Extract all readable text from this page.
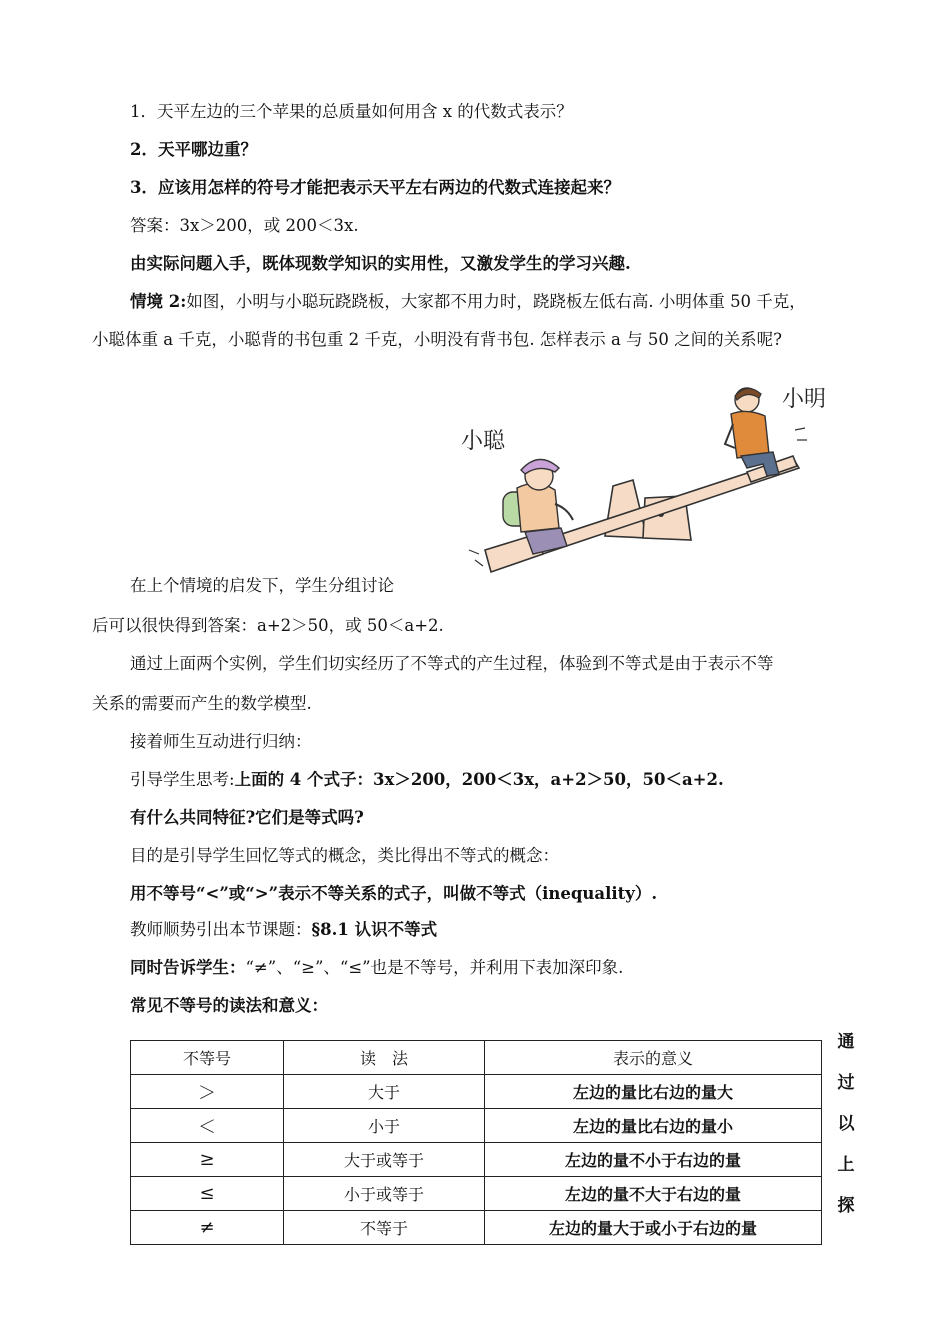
1．天平左边的三个苹果的总质量如何用含 x 的代数式表示？
2．天平哪边重？
3．应该用怎样的符号才能把表示天平左右两边的代数式连接起来？
答案：3x＞200，或 200＜3x.
由实际问题入手，既体现数学知识的实用性，又激发学生的学习兴趣.
情境 2:如图，小明与小聪玩跷跷板，大家都不用力时，跷跷板左低右高. 小明体重 50 千克，
小聪体重 a 千克，小聪背的书包重 2 千克，小明没有背书包. 怎样表示 a 与 50 之间的关系呢?
小聪
小明
在上个情境的启发下，学生分组讨论
后可以很快得到答案：a+2＞50，或 50＜a+2.
通过上面两个实例，学生们切实经历了不等式的产生过程，体验到不等式是由于表示不等
关系的需要而产生的数学模型.
接着师生互动进行归纳：
引导学生思考:上面的 4 个式子：3x＞200，200＜3x，a+2＞50，50＜a+2.
有什么共同特征?它们是等式吗?
目的是引导学生回忆等式的概念，类比得出不等式的概念：
用不等号“<”或“>”表示不等关系的式子，叫做不等式（inequality）.
教师顺势引出本节课题：§8.1 认识不等式
同时告诉学生：“≠”、“≥”、“≤”也是不等号，并利用下表加深印象.
常见不等号的读法和意义：
不等号	读　法	表示的意义
＞	大于	左边的量比右边的量大
＜	小于	左边的量比右边的量小
≥	大于或等于	左边的量不小于右边的量
≤	小于或等于	左边的量不大于右边的量
≠	不等于	左边的量大于或小于右边的量
通
过
以
上
探
